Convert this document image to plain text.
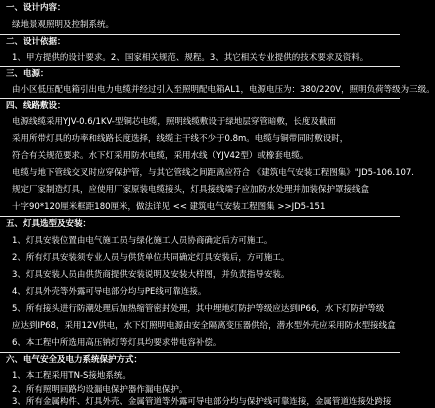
一、设计内容：
绿地景观照明及控制系统。
二、设计依据：
1、甲方提供的设计要求。2、国家相关规范、规程。3、其它相关专业提供的技术要求及资料。
三、电源：
由小区低压配电箱引出电力电缆并经过引入至照明配电箱AL1，电源电压为：380/220V，照明负荷等级为三级。
四、线路敷设：
电源线缆采用YJV-0.6/1KV-型铜芯电缆，照明线缆敷设于绿地层穿管暗敷，长度及截面
采用所带灯具的功率和线路长度选择，线缆主干线不少于0.8m。电缆与铜带同时敷设时，
符合有关规范要求。水下灯采用防水电缆，采用水线（YJV42型）或橡套电缆。
电缆与地下管线交叉时应穿保护管，与其它管线之间距离应符合 《建筑电气安装工程图集》"JD5-106.107.
规定厂家制造灯具，应使用厂家原装电缆接头，灯具接线端子应加防水处理并加装保护罩接线盒
十字90*120厘米框距180厘米，做法详见 << 建筑电气安装工程图集 >>JD5-151
五、灯具选型及安装：
1、灯具安装位置由电气施工员与绿化施工人员协商确定后方可施工。
2、所有灯具安装须专业人员与供货单位共同确定灯具安装后，方可施工。
3、灯具安装人员由供货商提供安装说明及安装大样图，并负责指导安装。
4、灯具外壳等外露可导电部分均与PE线可靠连接。
5、所有接头进行防潮处理后加热缩管密封处理，其中埋地灯防护等级应达到IP66，水下灯防护等级
应达到IP68，采用12V供电，水下灯照明电源由安全隔离变压器供给，潜水型外壳应采用防水型接线盒
6、本工程中所选用高压钠灯等灯具均要求带电容补偿。
六、电气安全及电力系统保护方式：
1、本工程采用TN-S接地系统。
2、所有照明回路均设漏电保护器作漏电保护。
3、所有金属构件、灯具外壳、金属管道等外露可导电部分均与保护线可靠连接，金属管道连接处跨接
